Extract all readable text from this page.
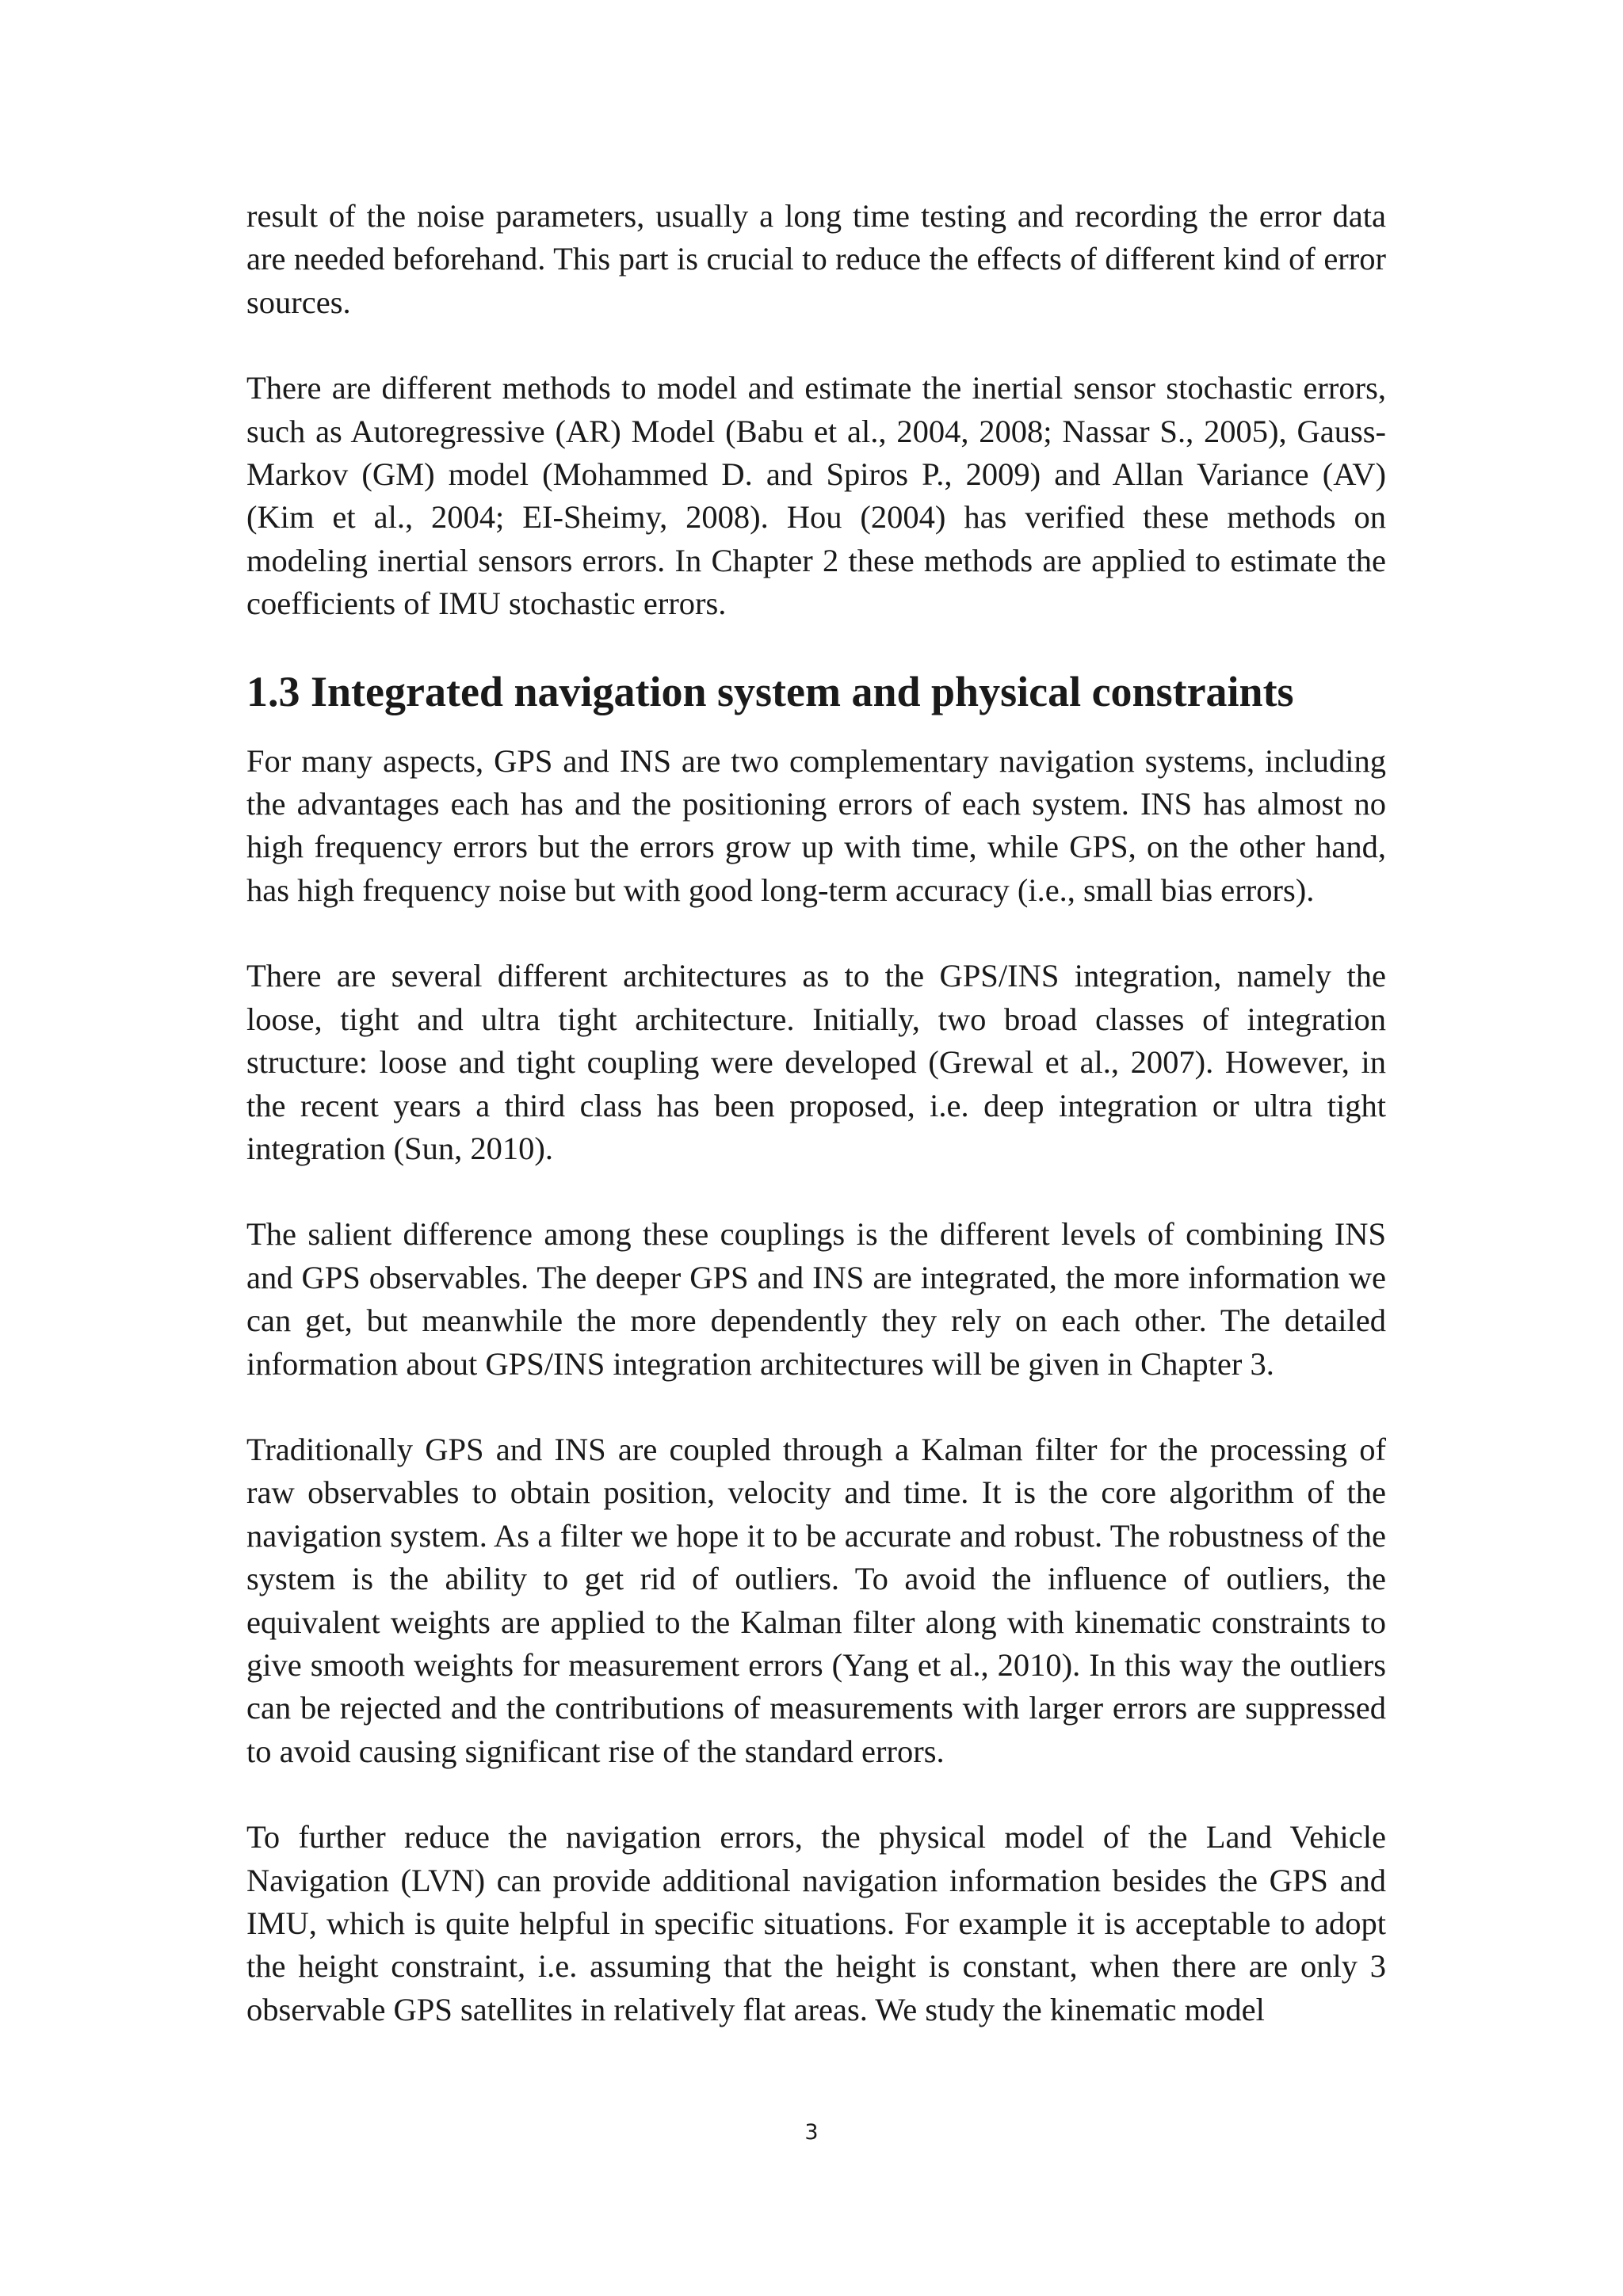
result of the noise parameters, usually a long time testing and recording the error data are needed beforehand. This part is crucial to reduce the effects of different kind of error sources.

There are different methods to model and estimate the inertial sensor stochastic errors, such as Autoregressive (AR) Model (Babu et al., 2004, 2008; Nassar S., 2005), Gauss-Markov (GM) model (Mohammed D. and Spiros P., 2009) and Allan Variance (AV) (Kim et al., 2004; EI-Sheimy, 2008). Hou (2004) has verified these methods on modeling inertial sensors errors. In Chapter 2 these methods are applied to estimate the coefficients of IMU stochastic errors.

1.3 Integrated navigation system and physical constraints

For many aspects, GPS and INS are two complementary navigation systems, including the advantages each has and the positioning errors of each system. INS has almost no high frequency errors but the errors grow up with time, while GPS, on the other hand, has high frequency noise but with good long-term accuracy (i.e., small bias errors).

There are several different architectures as to the GPS/INS integration, namely the loose, tight and ultra tight architecture. Initially, two broad classes of integration structure: loose and tight coupling were developed (Grewal et al., 2007). However, in the recent years a third class has been proposed, i.e. deep integration or ultra tight integration (Sun, 2010).

The salient difference among these couplings is the different levels of combining INS and GPS observables. The deeper GPS and INS are integrated, the more information we can get, but meanwhile the more dependently they rely on each other. The detailed information about GPS/INS integration architectures will be given in Chapter 3.

Traditionally GPS and INS are coupled through a Kalman filter for the processing of raw observables to obtain position, velocity and time. It is the core algorithm of the navigation system. As a filter we hope it to be accurate and robust. The robustness of the system is the ability to get rid of outliers. To avoid the influence of outliers, the equivalent weights are applied to the Kalman filter along with kinematic constraints to give smooth weights for measurement errors (Yang et al., 2010). In this way the outliers can be rejected and the contributions of measurements with larger errors are suppressed to avoid causing significant rise of the standard errors.

To further reduce the navigation errors, the physical model of the Land Vehicle Navigation (LVN) can provide additional navigation information besides the GPS and IMU, which is quite helpful in specific situations. For example it is acceptable to adopt the height constraint, i.e. assuming that the height is constant, when there are only 3 observable GPS satellites in relatively flat areas. We study the kinematic model

3
